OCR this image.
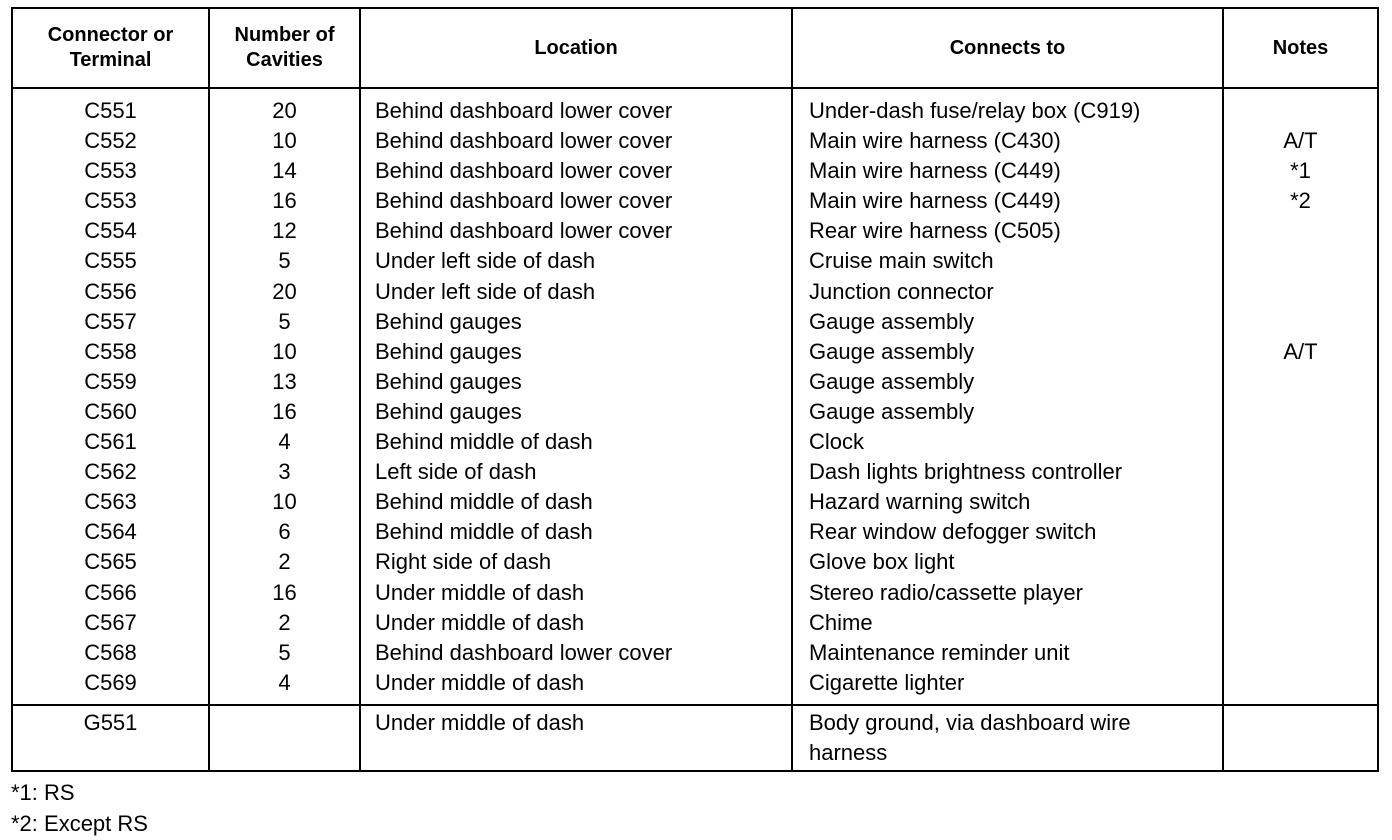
Connector or Terminal	Number of Cavities	Location	Connects to	Notes
C551	20	Behind dashboard lower cover	Under-dash fuse/relay box (C919)	
C552	10	Behind dashboard lower cover	Main wire harness (C430)	A/T
C553	14	Behind dashboard lower cover	Main wire harness (C449)	*1
C553	16	Behind dashboard lower cover	Main wire harness (C449)	*2
C554	12	Behind dashboard lower cover	Rear wire harness (C505)	
C555	5	Under left side of dash	Cruise main switch	
C556	20	Under left side of dash	Junction connector	
C557	5	Behind gauges	Gauge assembly	
C558	10	Behind gauges	Gauge assembly	A/T
C559	13	Behind gauges	Gauge assembly	
C560	16	Behind gauges	Gauge assembly	
C561	4	Behind middle of dash	Clock	
C562	3	Left side of dash	Dash lights brightness controller	
C563	10	Behind middle of dash	Hazard warning switch	
C564	6	Behind middle of dash	Rear window defogger switch	
C565	2	Right side of dash	Glove box light	
C566	16	Under middle of dash	Stereo radio/cassette player	
C567	2	Under middle of dash	Chime	
C568	5	Behind dashboard lower cover	Maintenance reminder unit	
C569	4	Under middle of dash	Cigarette lighter	
G551		Under middle of dash	Body ground, via dashboard wire harness	
*1: RS
*2: Except RS
